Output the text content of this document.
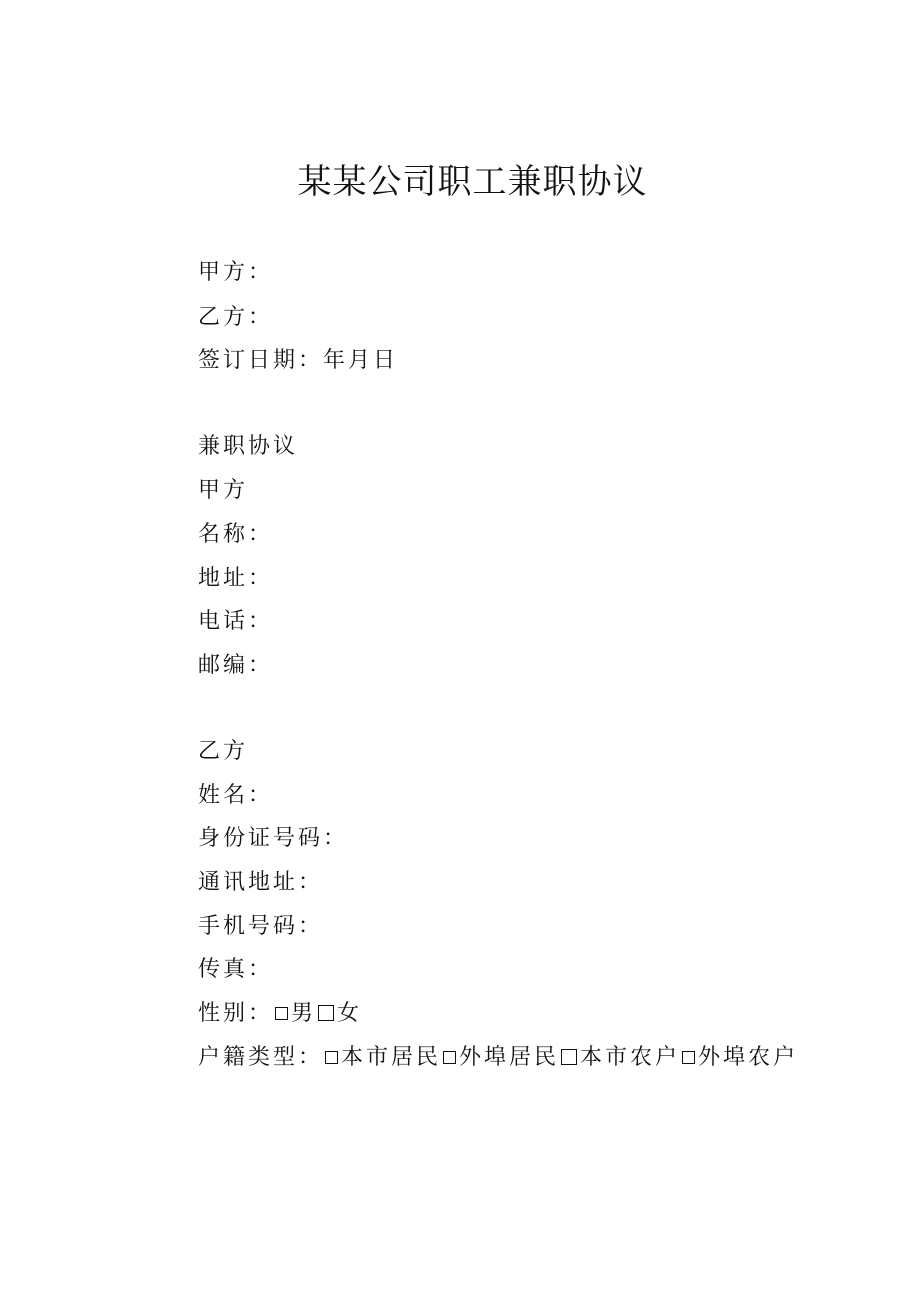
某某公司职工兼职协议
甲方：
乙方：
签订日期：年月日
兼职协议
甲方
名称：
地址：
电话：
邮编：
乙方
姓名：
身份证号码：
通讯地址：
手机号码：
传真：
性别： 男 女
户籍类型： 本市居民 外埠居民 本市农户 外埠农户
